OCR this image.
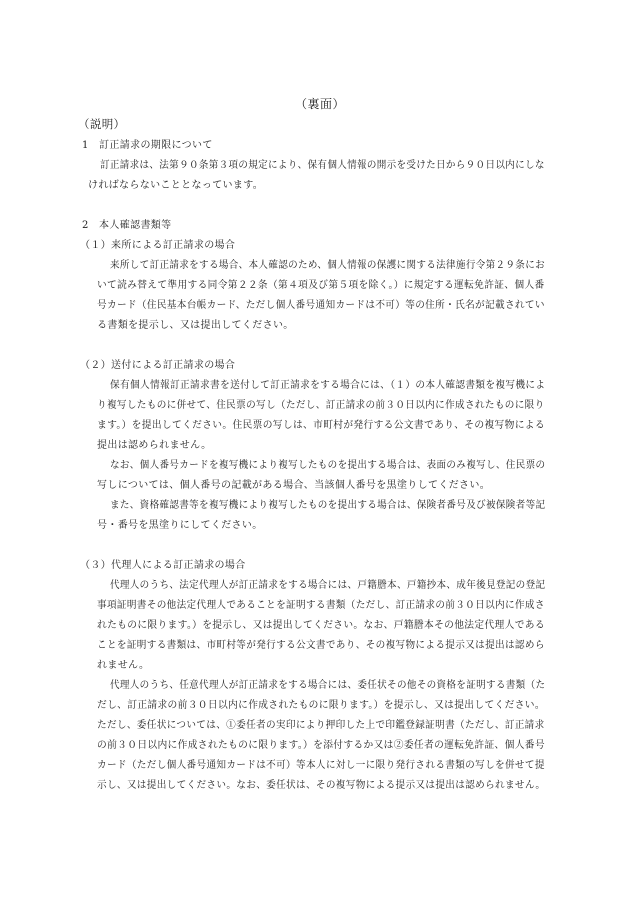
（裏面）
（説明）
1　訂正請求の期限について
訂正請求は、法第９０条第３項の規定により、保有個人情報の開示を受けた日から９０日以内にしな
ければならないこととなっています。
2　本人確認書類等
（１）来所による訂正請求の場合
来所して訂正請求をする場合、本人確認のため、個人情報の保護に関する法律施行令第２９条にお
いて読み替えて準用する同令第２２条（第４項及び第５項を除く。）に規定する運転免許証、個人番
号カード（住民基本台帳カード、ただし個人番号通知カードは不可）等の住所・氏名が記載されてい
る書類を提示し、又は提出してください。
（２）送付による訂正請求の場合
保有個人情報訂正請求書を送付して訂正請求をする場合には、（１）の本人確認書類を複写機によ
り複写したものに併せて、住民票の写し（ただし、訂正請求の前３０日以内に作成されたものに限り
ます。）を提出してください。住民票の写しは、市町村が発行する公文書であり、その複写物による
提出は認められません。
なお、個人番号カードを複写機により複写したものを提出する場合は、表面のみ複写し、住民票の
写しについては、個人番号の記載がある場合、当該個人番号を黒塗りしてください。
また、資格確認書等を複写機により複写したものを提出する場合は、保険者番号及び被保険者等記
号・番号を黒塗りにしてください。
（３）代理人による訂正請求の場合
代理人のうち、法定代理人が訂正請求をする場合には、戸籍謄本、戸籍抄本、成年後見登記の登記
事項証明書その他法定代理人であることを証明する書類（ただし、訂正請求の前３０日以内に作成さ
れたものに限ります。）を提示し、又は提出してください。なお、戸籍謄本その他法定代理人である
ことを証明する書類は、市町村等が発行する公文書であり、その複写物による提示又は提出は認めら
れません。
代理人のうち、任意代理人が訂正請求をする場合には、委任状その他その資格を証明する書類（た
だし、訂正請求の前３０日以内に作成されたものに限ります。）を提示し、又は提出してください。
ただし、委任状については、①委任者の実印により押印した上で印鑑登録証明書（ただし、訂正請求
の前３０日以内に作成されたものに限ります。）を添付するか又は②委任者の運転免許証、個人番号
カード（ただし個人番号通知カードは不可）等本人に対し一に限り発行される書類の写しを併せて提
示し、又は提出してください。なお、委任状は、その複写物による提示又は提出は認められません。
